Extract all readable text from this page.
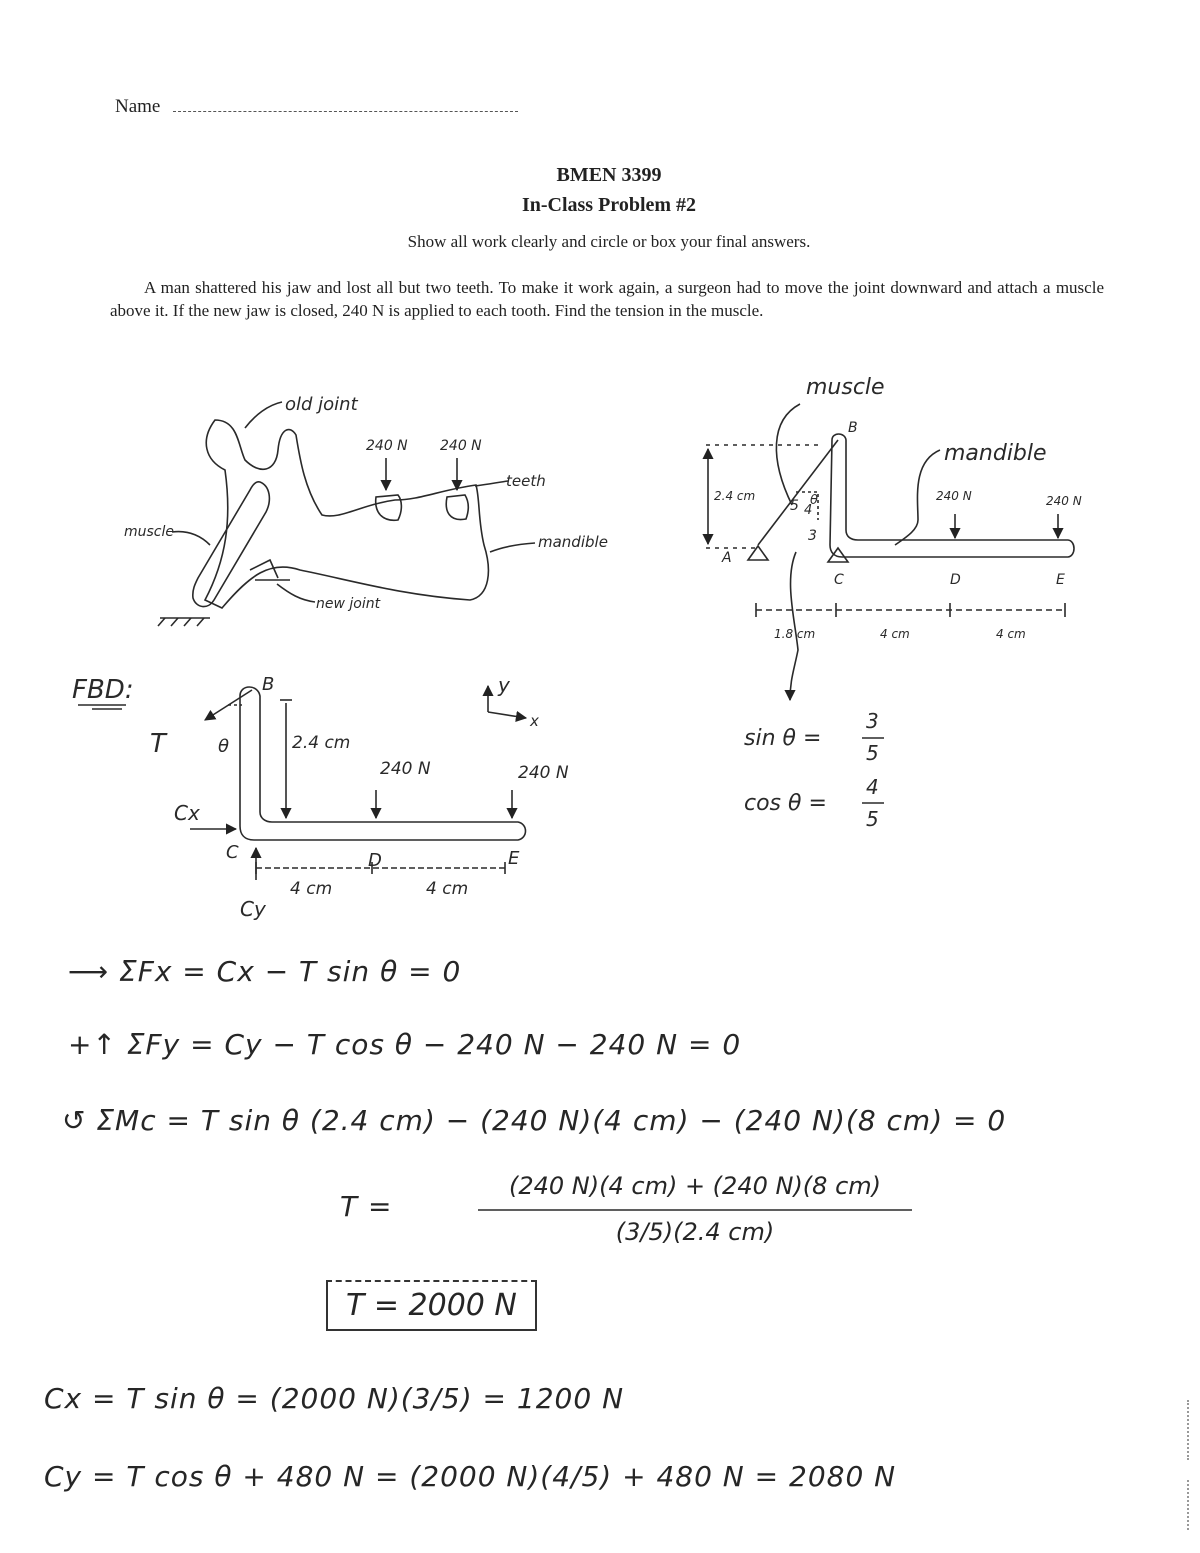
Name
BMEN 3399
In-Class Problem #2
Show all work clearly and circle or box your final answers.
A man shattered his jaw and lost all but two teeth. To make it work again, a surgeon had to move the joint downward and attach a muscle above it. If the new jaw is closed, 240 N is applied to each tooth. Find the tension in the muscle.
old joint
240 N 240 N
teeth
mandible
muscle
new joint
muscle
mandible
2.4 cm	240 N	240 N
5 4
3
θ
A
B
C	D	E
1.8 cm	4 cm	4 cm
FBD:
T	θ
B
2.4 cm
240 N	240 N
Cx
Cy
C	D	E
4 cm	4 cm
y
x	3
5
4
5
sin θ =
cos θ =
⟶ ΣFx = Cx − T sin θ = 0
+↑ ΣFy = Cy − T cos θ − 240 N − 240 N = 0
↺ ΣMc = T sin θ (2.4 cm) − (240 N)(4 cm) − (240 N)(8 cm) = 0
T =
(240 N)(4 cm) + (240 N)(8 cm)
(3/5)(2.4 cm)
T = 2000 N
Cx = T sin θ = (2000 N)(3/5) = 1200 N
Cy = T cos θ + 480 N = (2000 N)(4/5) + 480 N = 2080 N
